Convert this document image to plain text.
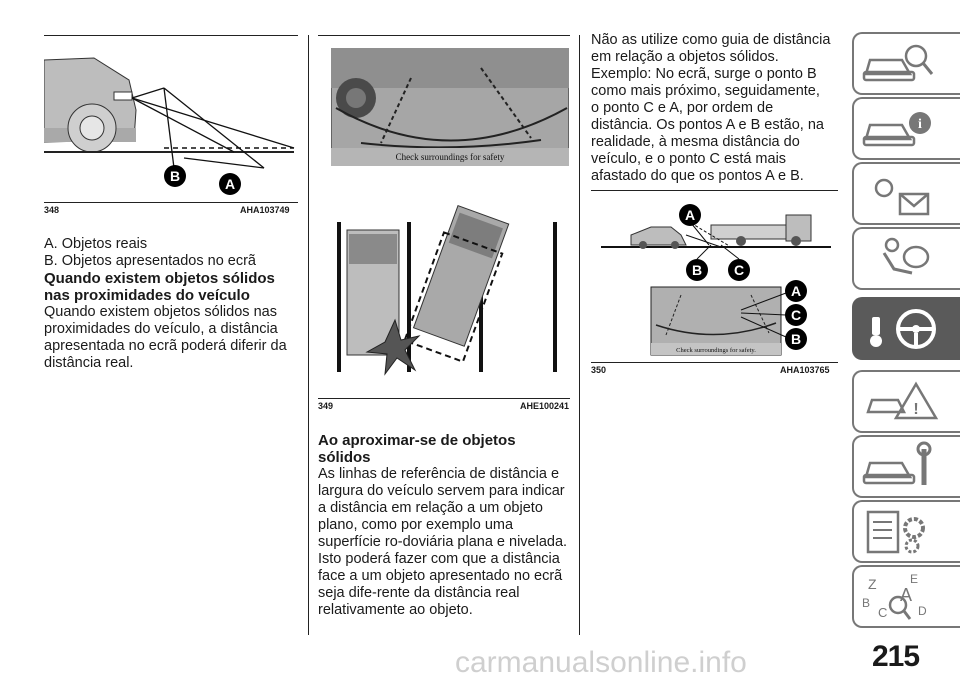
B	A
348	AHA103749

A. Objetos reais

B. Objetos apresentados no ecrã

Quando existem objetos sólidos nas proximidades do veículo

Quando existem objetos sólidos nas proximidades do veículo, a distância apresentada no ecrã poderá diferir da distância real.

Check surroundings for safety
349	AHE100241

Ao aproximar-se de objetos sólidos

As linhas de referência de distância e largura do veículo servem para indicar a distância em relação a um objeto plano, como por exemplo uma superfície ro-doviária plana e nivelada. Isto poderá fazer com que a distância face a um objeto apresentado no ecrã seja dife-rente da distância real relativamente ao objeto.

Não as utilize como guia de distância em relação a objetos sólidos.

Exemplo: No ecrã, surge o ponto B como mais próximo, seguidamente, o ponto C e A, por ordem de distância. Os pontos A e B estão, na realidade, à mesma distância do veículo, e o ponto C está mais afastado do que os pontos A e B.

A
B C
Check surroundings for safety.
A
C
B
350	AHA103765
i
!
Z	E
A
B
C	D
215
carmanualsonline.info
